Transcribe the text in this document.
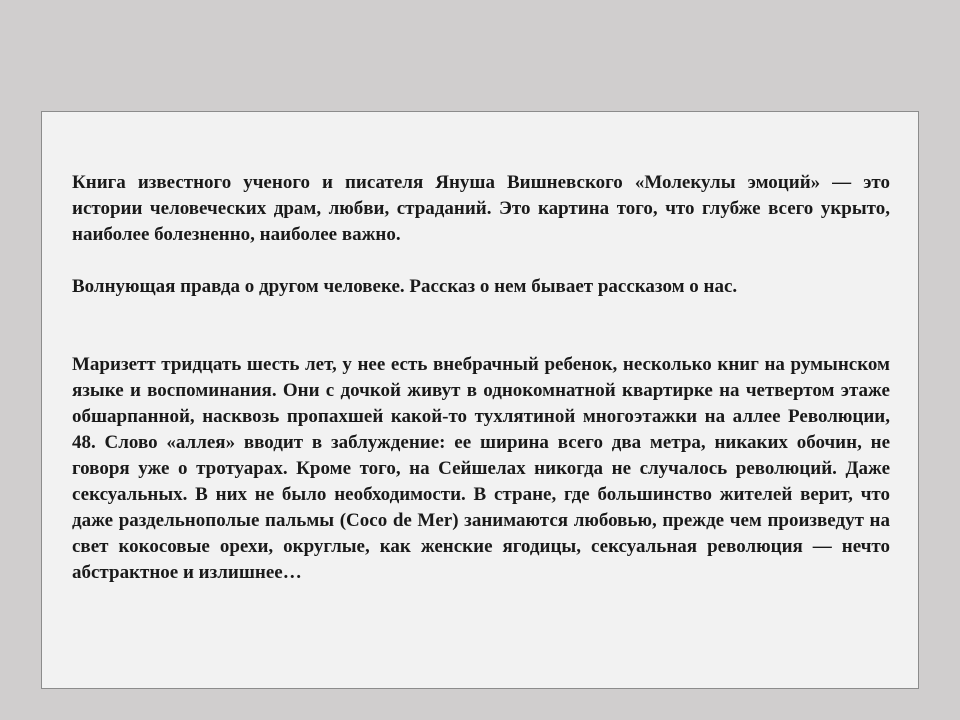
Книга известного ученого и писателя Януша Вишневского «Молекулы эмоций» — это истории человеческих драм, любви, страданий. Это картина того, что глубже всего укрыто, наиболее болезненно, наиболее важно.

Волнующая правда о другом человеке. Рассказ о нем бывает рассказом о нас.

Маризетт тридцать шесть лет, у нее есть внебрачный ребенок, несколько книг на румынском языке и воспоминания. Они с дочкой живут в однокомнатной квартирке на четвертом этаже обшарпанной, насквозь пропахшей какой-то тухлятиной многоэтажки на аллее Революции, 48. Слово «аллея» вводит в заблуждение: ее ширина всего два метра, никаких обочин, не говоря уже о тротуарах. Кроме того, на Сейшелах никогда не случалось революций. Даже сексуальных. В них не было необходимости. В стране, где большинство жителей верит, что даже раздельнополые пальмы (Coco de Mer) занимаются любовью, прежде чем произведут на свет кокосовые орехи, округлые, как женские ягодицы, сексуальная революция — нечто абстрактное и излишнее…
